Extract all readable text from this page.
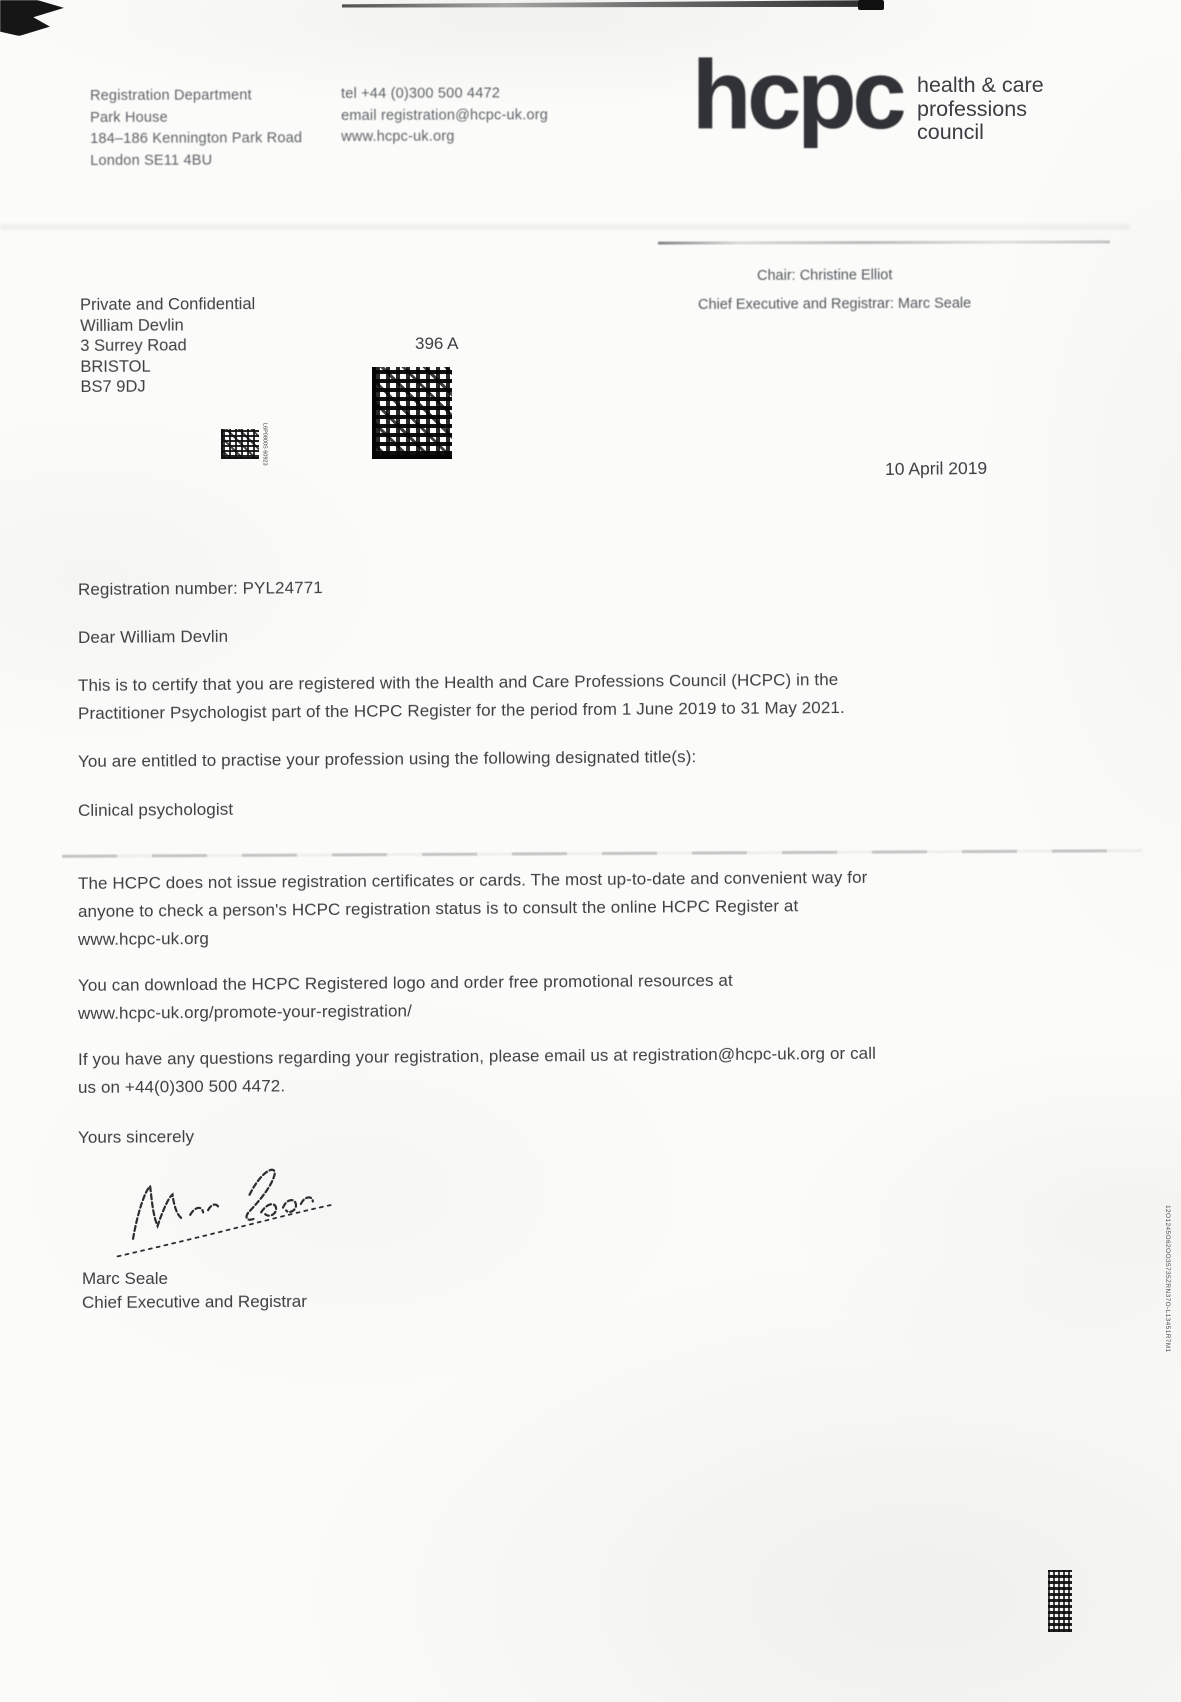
Registration Department
Park House
184–186 Kennington Park Road
London SE11 4BU
tel +44 (0)300 500 4472
email registration@hcpc-uk.org
www.hcpc-uk.org	hcpc health & care
professions
council
Chair: Christine Elliot
Chief Executive and Registrar: Marc Seale
Private and Confidential
William Devlin
3 Surrey Road
BRISTOL
BS7 9DJ
396 A
L6P0800S 60923
10 April 2019
Registration number: PYL24771
Dear William Devlin
This is to certify that you are registered with the Health and Care Professions Council (HCPC) in the
Practitioner Psychologist part of the HCPC Register for the period from 1 June 2019 to 31 May 2021.
You are entitled to practise your profession using the following designated title(s):
Clinical psychologist
The HCPC does not issue registration certificates or cards. The most up-to-date and convenient way for
anyone to check a person's HCPC registration status is to consult the online HCPC Register at
www.hcpc-uk.org
You can download the HCPC Registered logo and order free promotional resources at
www.hcpc-uk.org/promote-your-registration/
If you have any questions regarding your registration, please email us at registration@hcpc-uk.org or call
us on +44(0)300 500 4472.
Yours sincerely
Marc Seale
Chief Executive and Registrar	12O1245O62OO35735ZRN37O-L13451R7M1
